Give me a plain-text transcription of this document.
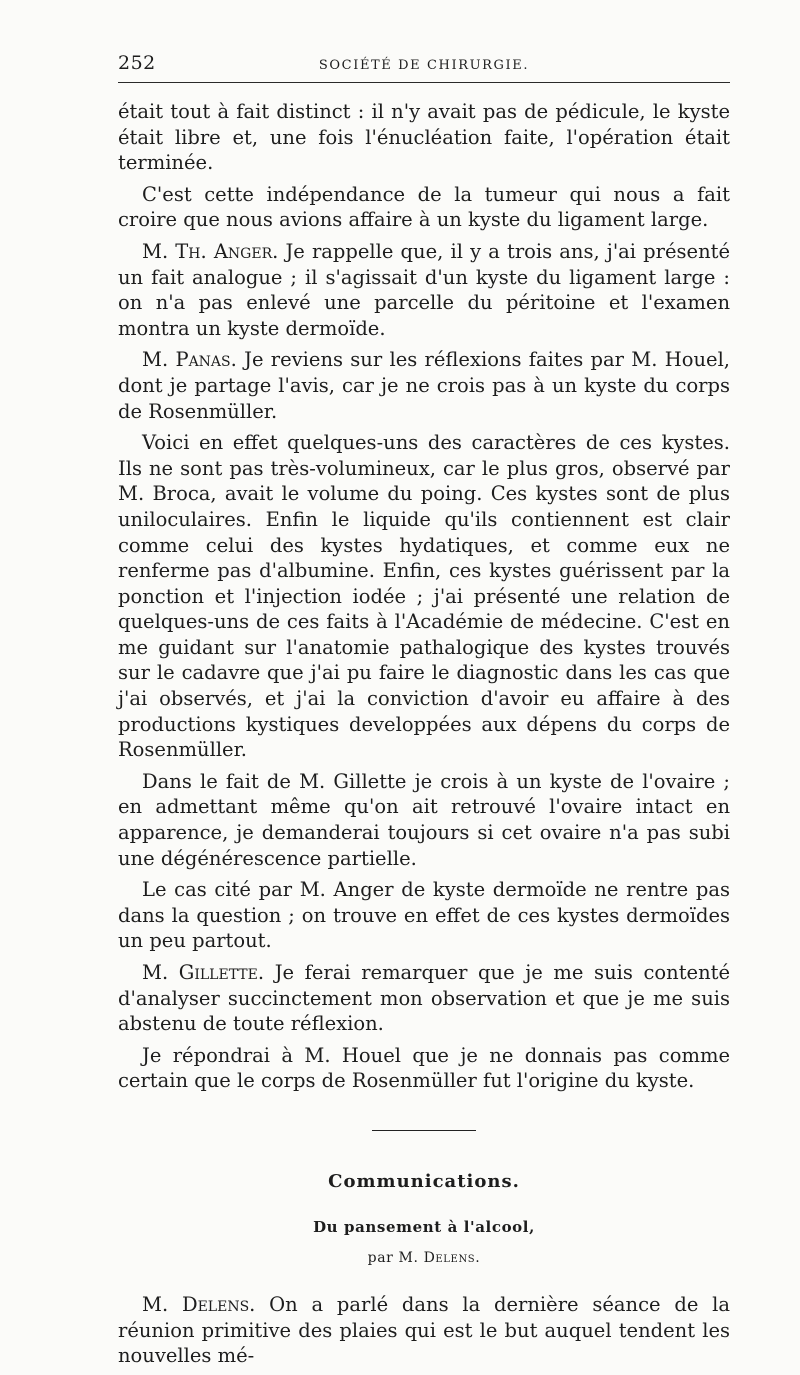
252	SOCIÉTÉ DE CHIRURGIE.

était tout à fait distinct : il n'y avait pas de pédicule, le kyste était libre et, une fois l'énucléation faite, l'opération était terminée.

C'est cette indépendance de la tumeur qui nous a fait croire que nous avions affaire à un kyste du ligament large.

M. Th. Anger. Je rappelle que, il y a trois ans, j'ai présenté un fait analogue ; il s'agissait d'un kyste du ligament large : on n'a pas enlevé une parcelle du péritoine et l'examen montra un kyste dermoïde.

M. Panas. Je reviens sur les réflexions faites par M. Houel, dont je partage l'avis, car je ne crois pas à un kyste du corps de Rosenmüller.

Voici en effet quelques-uns des caractères de ces kystes. Ils ne sont pas très-volumineux, car le plus gros, observé par M. Broca, avait le volume du poing. Ces kystes sont de plus uniloculaires. Enfin le liquide qu'ils contiennent est clair comme celui des kystes hydatiques, et comme eux ne renferme pas d'albumine. Enfin, ces kystes guérissent par la ponction et l'injection iodée ; j'ai présenté une relation de quelques-uns de ces faits à l'Académie de médecine. C'est en me guidant sur l'anatomie pathalogique des kystes trouvés sur le cadavre que j'ai pu faire le diagnostic dans les cas que j'ai observés, et j'ai la conviction d'avoir eu affaire à des productions kystiques developpées aux dépens du corps de Rosenmüller.

Dans le fait de M. Gillette je crois à un kyste de l'ovaire ; en admettant même qu'on ait retrouvé l'ovaire intact en apparence, je demanderai toujours si cet ovaire n'a pas subi une dégénérescence partielle.

Le cas cité par M. Anger de kyste dermoïde ne rentre pas dans la question ; on trouve en effet de ces kystes dermoïdes un peu partout.

M. Gillette. Je ferai remarquer que je me suis contenté d'analyser succinctement mon observation et que je me suis abstenu de toute réflexion.

Je répondrai à M. Houel que je ne donnais pas comme certain que le corps de Rosenmüller fut l'origine du kyste.

Communications.
Du pansement à l'alcool,
par M. Delens.

M. Delens. On a parlé dans la dernière séance de la réunion primitive des plaies qui est le but auquel tendent les nouvelles mé-
